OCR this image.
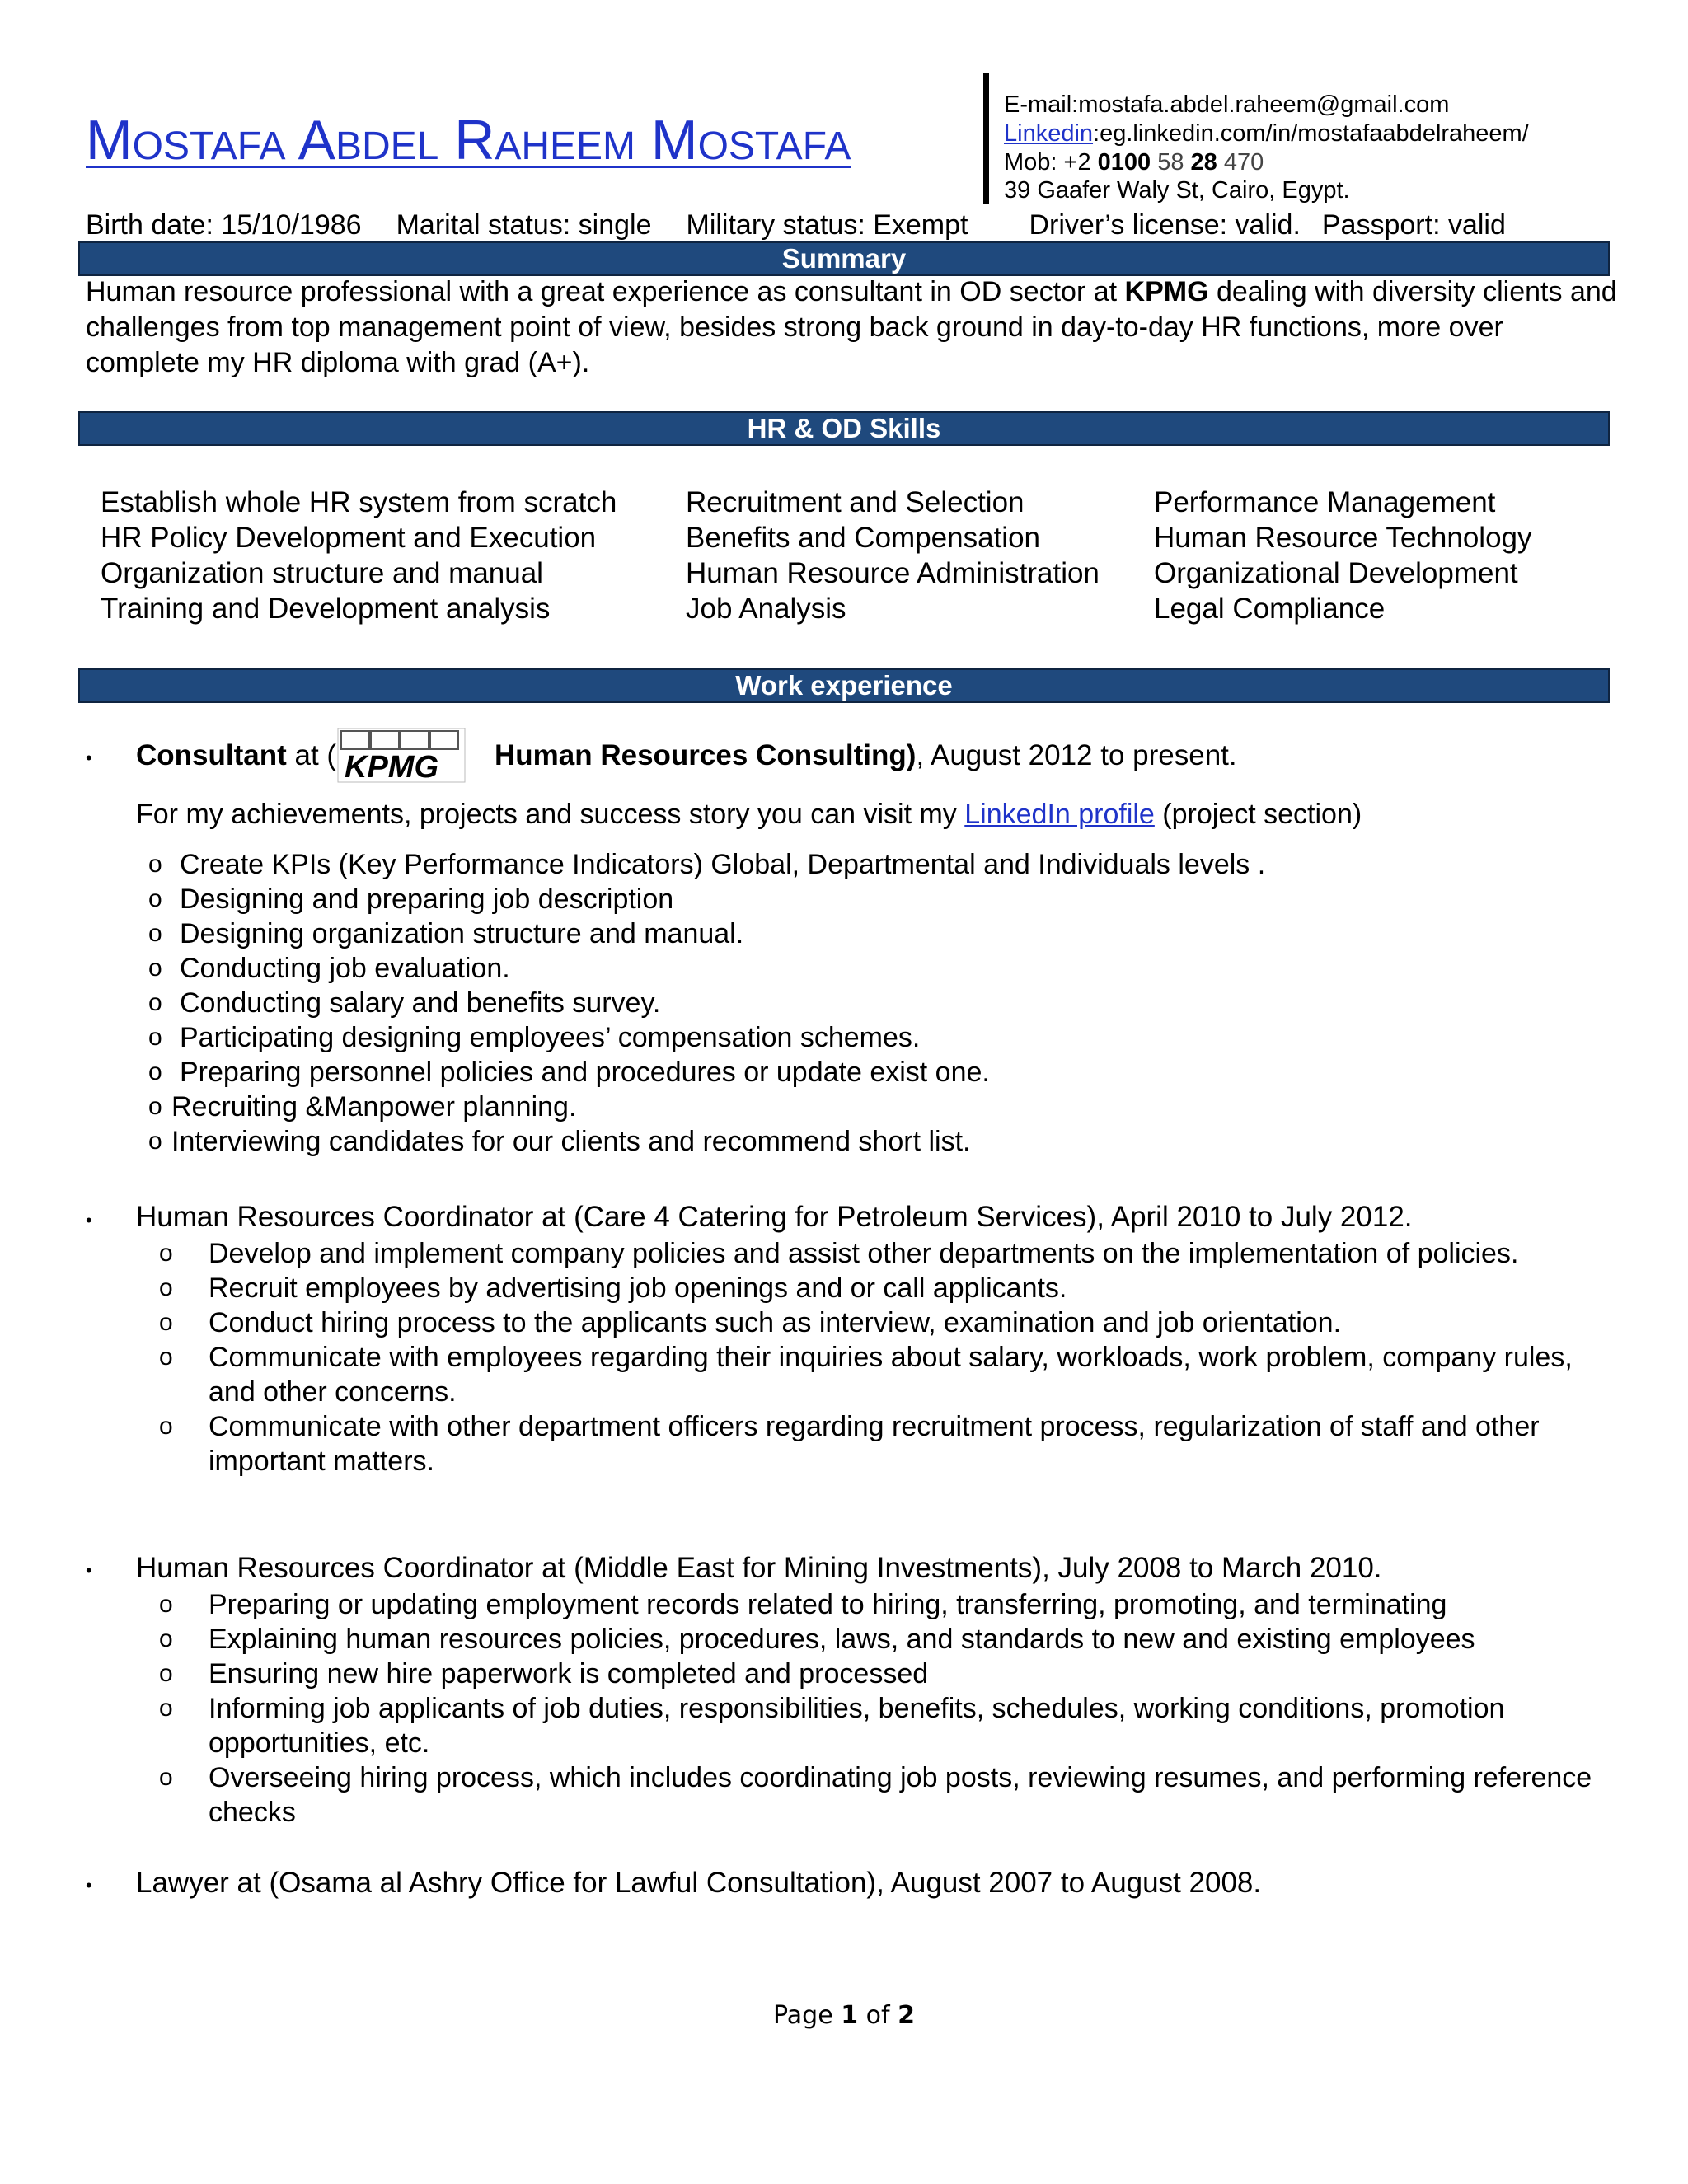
Mostafa Abdel Raheem Mostafa
E-mail:mostafa.abdel.raheem@gmail.com
Linkedin:eg.linkedin.com/in/mostafaabdelraheem/
Mob: +2 0100 58 28 470
39 Gaafer Waly St, Cairo, Egypt.
Birth date: 15/10/1986 Marital status: single Military status: Exempt Driver’s license: valid. Passport: valid
Summary
Human resource professional with a great experience as consultant in OD sector at KPMG dealing with diversity clients and challenges from top management point of view, besides strong back ground in day-to-day HR functions, more over complete my HR diploma with grad (A+).
HR & OD Skills
Establish whole HR system from scratch
HR Policy Development and Execution
Organization structure and manual
Training and Development analysis
Recruitment and Selection
Benefits and Compensation
Human Resource Administration
Job Analysis
Performance Management
Human Resource Technology
Organizational Development
Legal Compliance
Work experience
• Consultant at ( KPMG Human Resources Consulting), August 2012 to present.
For my achievements, projects and success story you can visit my LinkedIn profile (project section)
o Create KPIs (Key Performance Indicators) Global, Departmental and Individuals levels .
o Designing and preparing job description
o Designing organization structure and manual.
o Conducting job evaluation.
o Conducting salary and benefits survey.
o Participating designing employees’ compensation schemes.
o Preparing personnel policies and procedures or update exist one.
o Recruiting &Manpower planning.
o Interviewing candidates for our clients and recommend short list.
• Human Resources Coordinator at (Care 4 Catering for Petroleum Services), April 2010 to July 2012.
o Develop and implement company policies and assist other departments on the implementation of policies.
o Recruit employees by advertising job openings and or call applicants.
o Conduct hiring process to the applicants such as interview, examination and job orientation.
o Communicate with employees regarding their inquiries about salary, workloads, work problem, company rules, and other concerns.
o Communicate with other department officers regarding recruitment process, regularization of staff and other important matters.
• Human Resources Coordinator at (Middle East for Mining Investments), July 2008 to March 2010.
o Preparing or updating employment records related to hiring, transferring, promoting, and terminating
o Explaining human resources policies, procedures, laws, and standards to new and existing employees
o Ensuring new hire paperwork is completed and processed
o Informing job applicants of job duties, responsibilities, benefits, schedules, working conditions, promotion opportunities, etc.
o Overseeing hiring process, which includes coordinating job posts, reviewing resumes, and performing reference checks
• Lawyer at (Osama al Ashry Office for Lawful Consultation), August 2007 to August 2008.
Page 1 of 2
